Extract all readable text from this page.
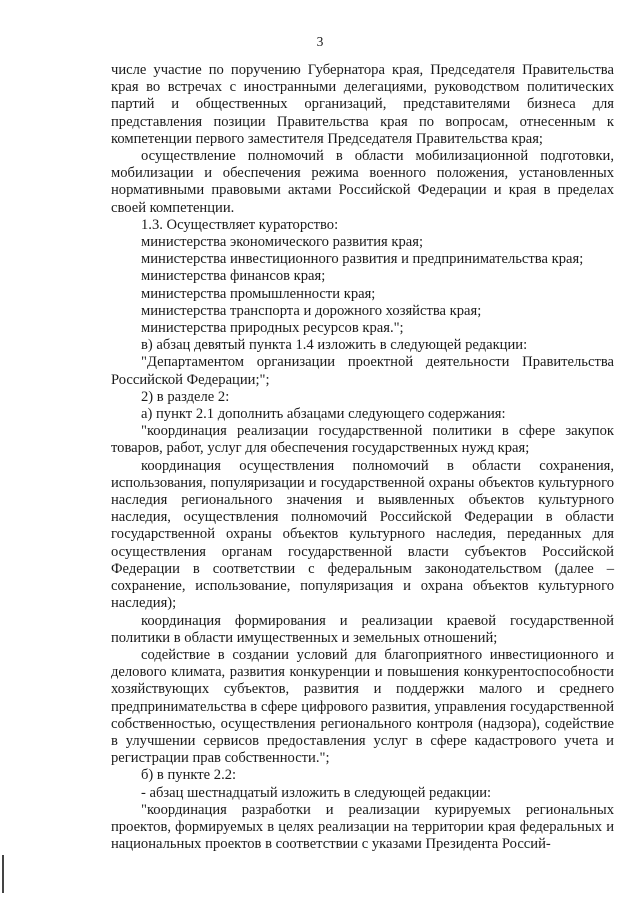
3

числе участие по поручению Губернатора края, Председателя Правительства края во встречах с иностранными делегациями, руководством политических партий и общественных организаций, представителями бизнеса для представления позиции Правительства края по вопросам, отнесенным к компетенции первого заместителя Председателя Правительства края;

осуществление полномочий в области мобилизационной подготовки, мобилизации и обеспечения режима военного положения, установленных нормативными правовыми актами Российской Федерации и края в пределах своей компетенции.

1.3. Осуществляет кураторство:

министерства экономического развития края;

министерства инвестиционного развития и предпринимательства края;

министерства финансов края;

министерства промышленности края;

министерства транспорта и дорожного хозяйства края;

министерства природных ресурсов края.";

в) абзац девятый пункта 1.4 изложить в следующей редакции:

"Департаментом организации проектной деятельности Правительства Российской Федерации;";

2) в разделе 2:

а) пункт 2.1 дополнить абзацами следующего содержания:

"координация реализации государственной политики в сфере закупок товаров, работ, услуг для обеспечения государственных нужд края;

координация осуществления полномочий в области сохранения, использования, популяризации и государственной охраны объектов культурного наследия регионального значения и выявленных объектов культурного наследия, осуществления полномочий Российской Федерации в области государственной охраны объектов культурного наследия, переданных для осуществления органам государственной власти субъектов Российской Федерации в соответствии с федеральным законодательством (далее – сохранение, использование, популяризация и охрана объектов культурного наследия);

координация формирования и реализации краевой государственной политики в области имущественных и земельных отношений;

содействие в создании условий для благоприятного инвестиционного и делового климата, развития конкуренции и повышения конкурентоспособности хозяйствующих субъектов, развития и поддержки малого и среднего предпринимательства в сфере цифрового развития, управления государственной собственностью, осуществления регионального контроля (надзора), содействие в улучшении сервисов предоставления услуг в сфере кадастрового учета и регистрации прав собственности.";

б) в пункте 2.2:

- абзац шестнадцатый изложить в следующей редакции:

"координация разработки и реализации курируемых региональных проектов, формируемых в целях реализации на территории края федеральных и национальных проектов в соответствии с указами Президента Россий-
